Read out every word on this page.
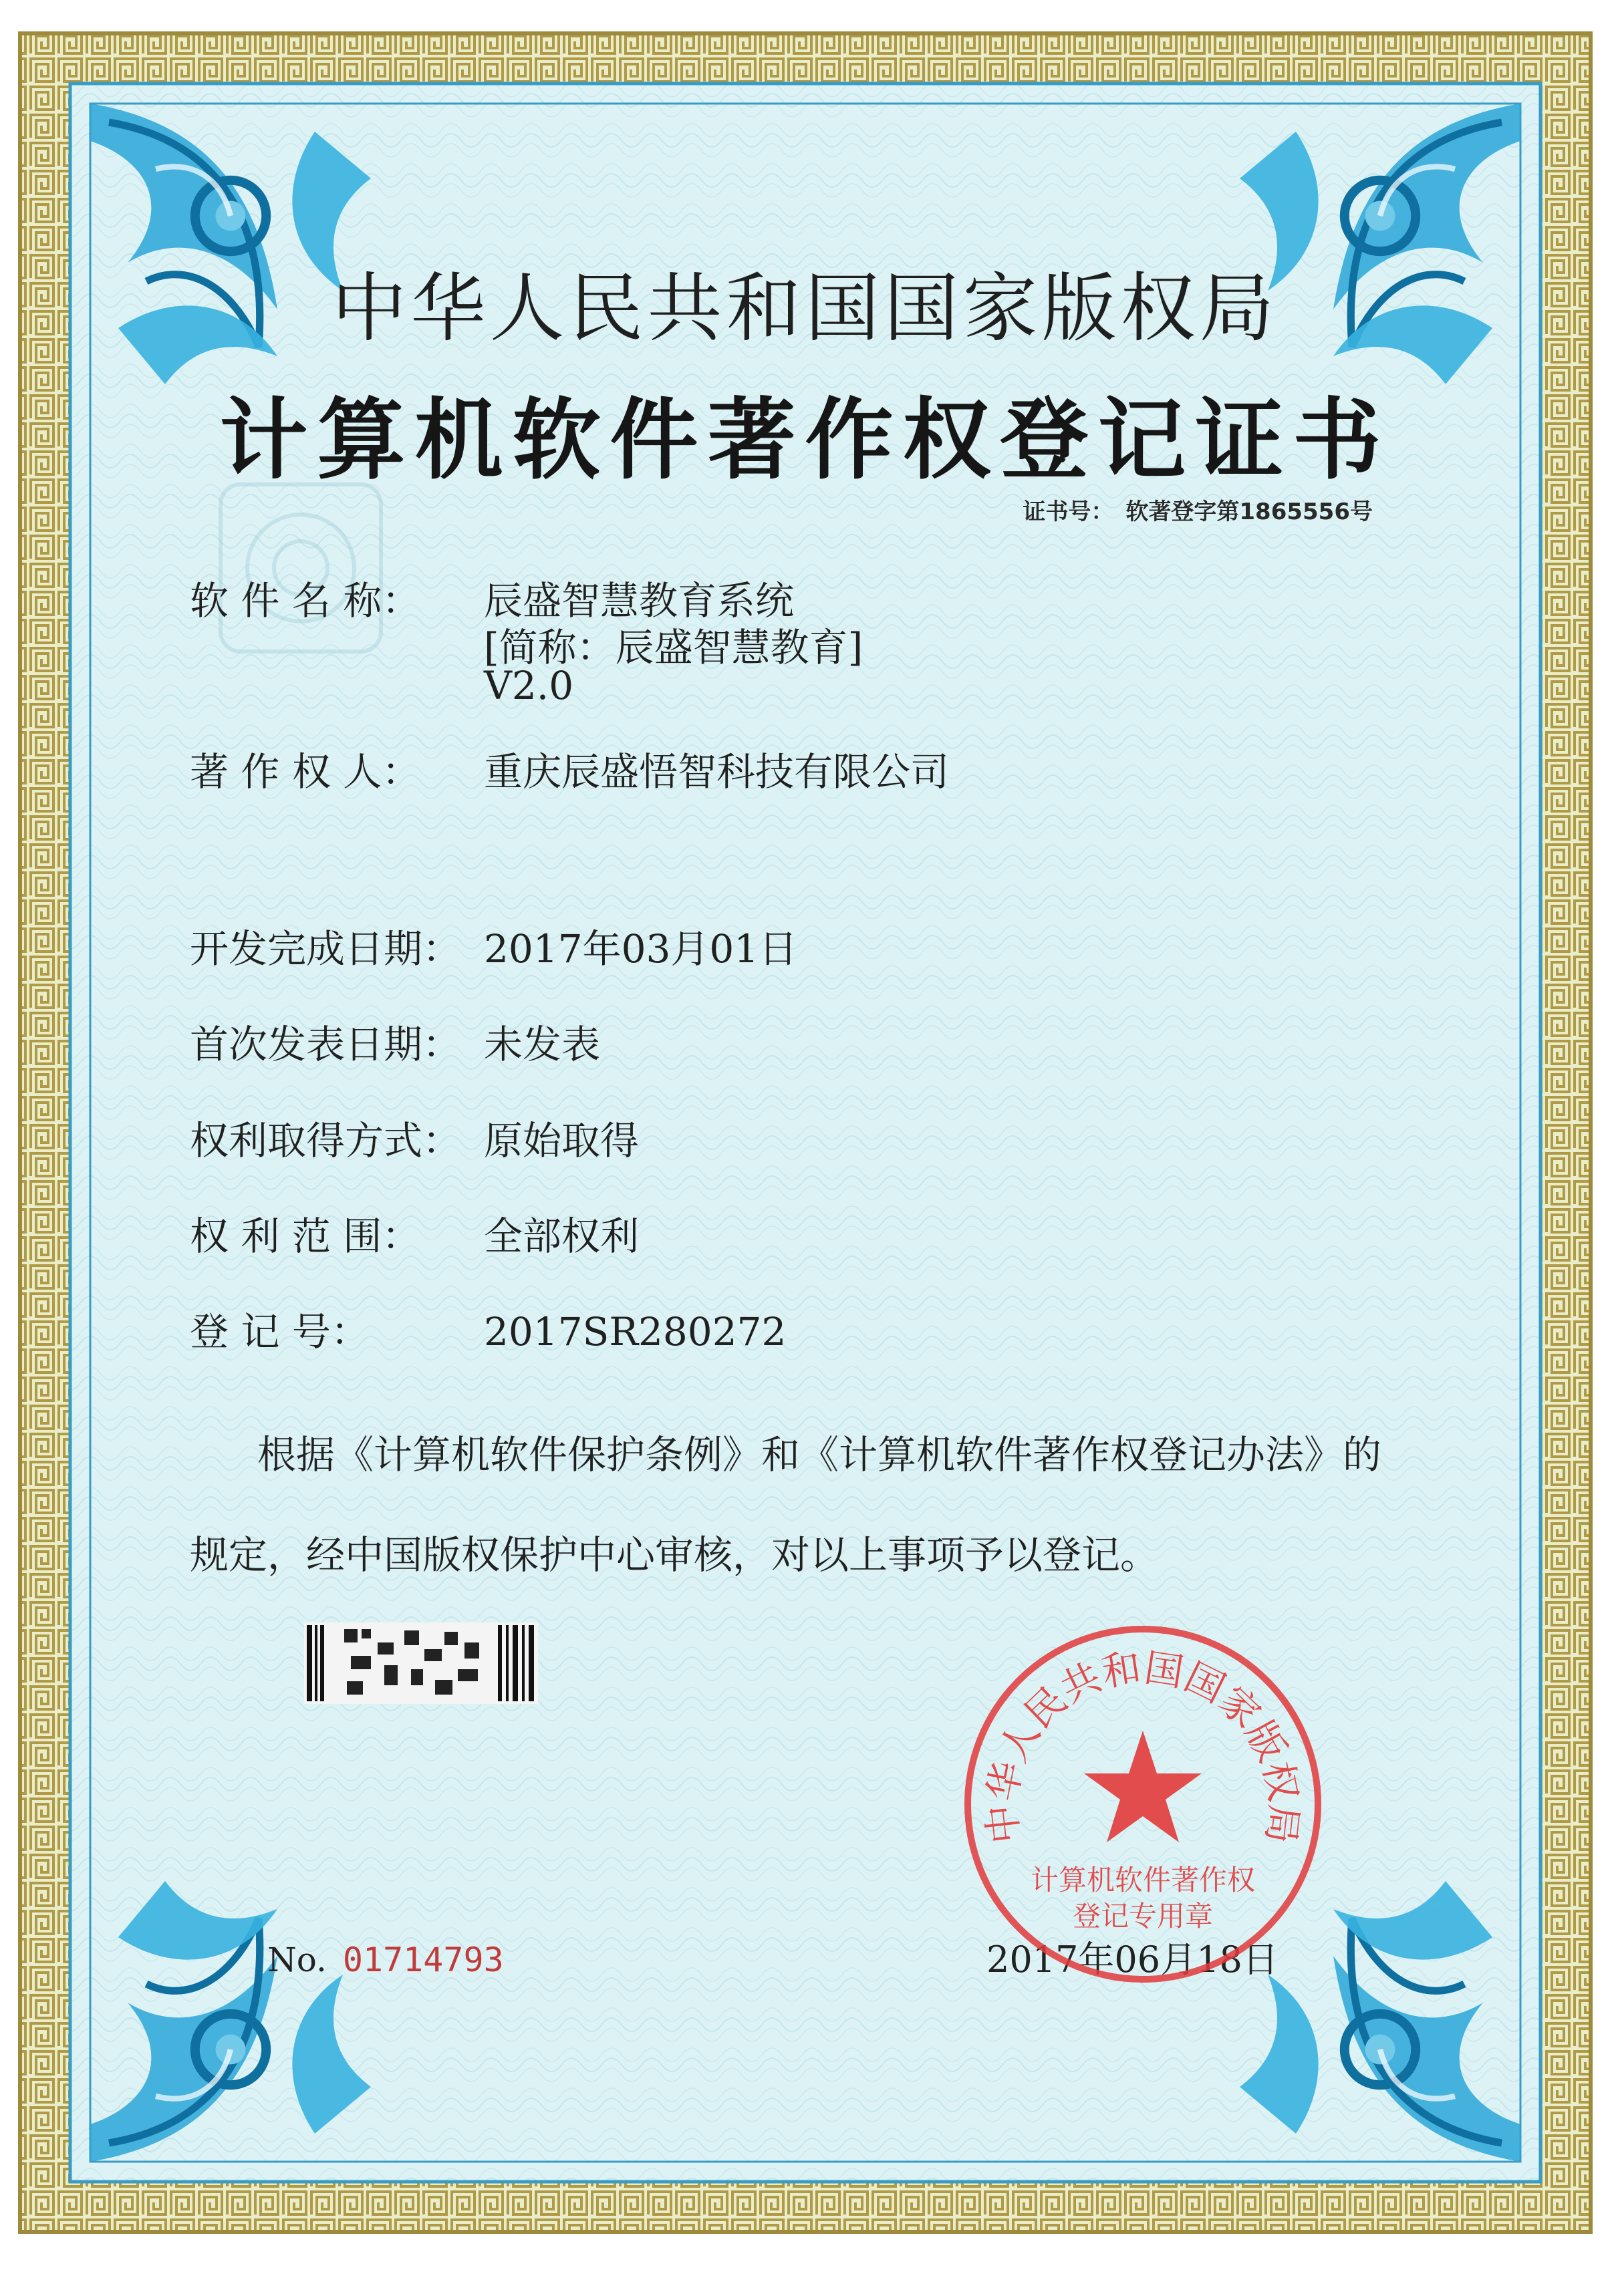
中华人民共和国国家版权局
计算机软件著作权登记证书
证书号： 软著登字第1865556号
软 件 名 称： 辰盛智慧教育系统
[简称：辰盛智慧教育]
V2.0
著 作 权 人： 重庆辰盛悟智科技有限公司
开发完成日期： 2017年03月01日
首次发表日期： 未发表
权利取得方式： 原始取得
权 利 范 围： 全部权利
登 记 号：	2017SR280272
根据《计算机软件保护条例》和《计算机软件著作权登记办法》的
规定，经中国版权保护中心审核，对以上事项予以登记。
No. 01714793	2017年06月18日
中华人民共和国国家版权局
计算机软件著作权
登记专用章
